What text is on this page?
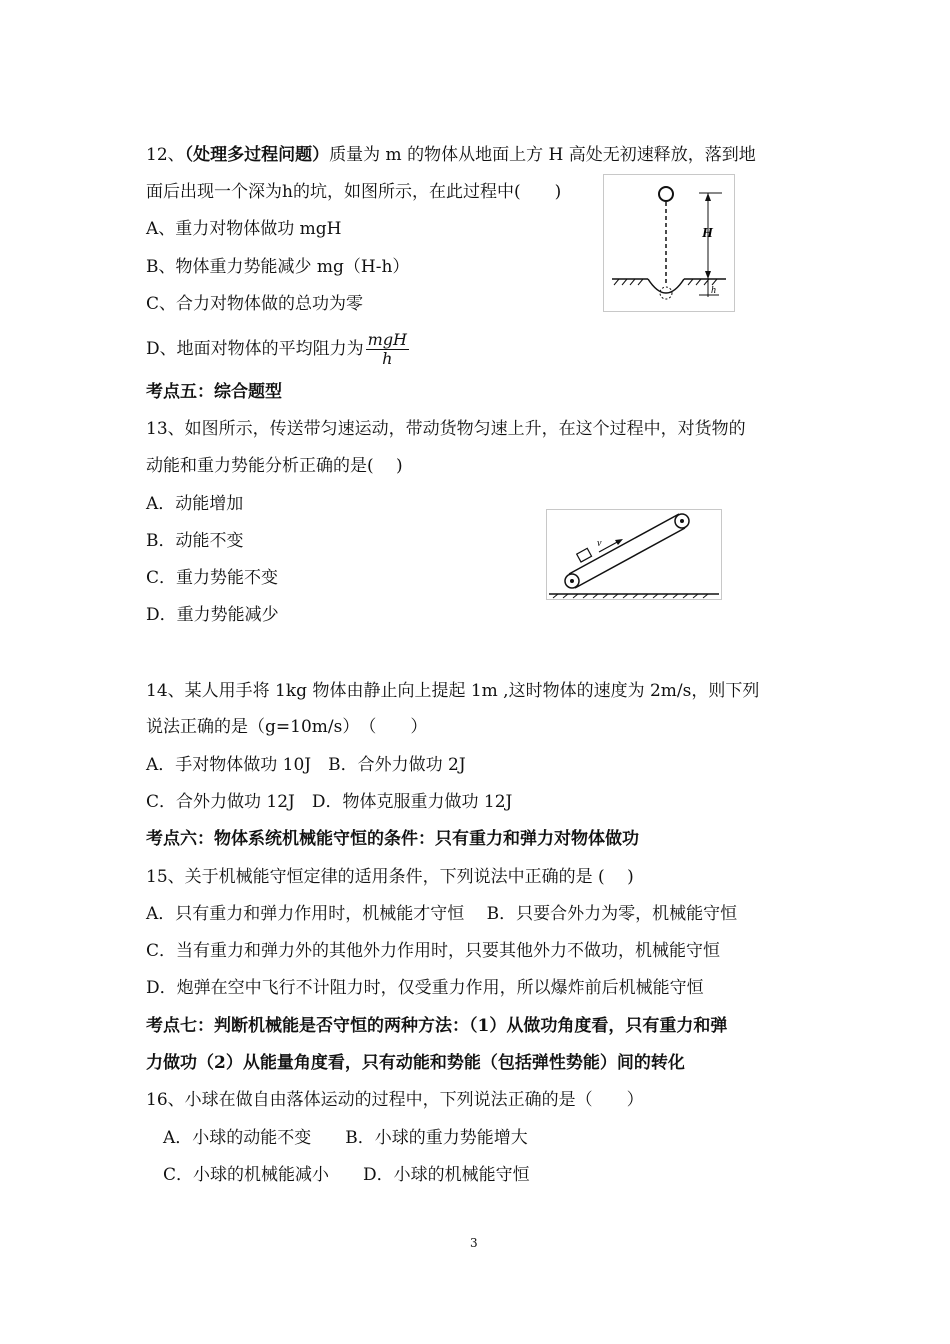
12、（处理多过程问题）质量为 m 的物体从地面上方 H 高处无初速释放，落到地
面后出现一个深为h的坑，如图所示，在此过程中(　　)
A、重力对物体做功 mgH
B、物体重力势能减少 mg（H-h）
C、合力对物体做的总功为零
D、地面对物体的平均阻力为 $\frac{\text{mgH}}{h}$
H
h
考点五：综合题型
13、如图所示，传送带匀速运动，带动货物匀速上升，在这个过程中，对货物的
动能和重力势能分析正确的是(　 )
A．动能增加
B．动能不变
C．重力势能不变
D．重力势能减少
v
14、某人用手将 1kg 物体由静止向上提起 1m ,这时物体的速度为 2m/s，则下列
说法正确的是（g=10m/s）　（　　）
A．手对物体做功 10J　B．合外力做功 2J
C．合外力做功 12J　D．物体克服重力做功 12J
考点六：物体系统机械能守恒的条件：只有重力和弹力对物体做功
15、关于机械能守恒定律的适用条件，下列说法中正确的是 (　 )
A．只有重力和弹力作用时，机械能才守恒　 B．只要合外力为零，机械能守恒
C．当有重力和弹力外的其他外力作用时，只要其他外力不做功，机械能守恒
D．炮弹在空中飞行不计阻力时，仅受重力作用，所以爆炸前后机械能守恒
考点七：判断机械能是否守恒的两种方法：（1）从做功角度看，只有重力和弹
力做功（2）从能量角度看，只有动能和势能（包括弹性势能）间的转化
16、小球在做自由落体运动的过程中，下列说法正确的是（　　）
A．小球的动能不变　　B．小球的重力势能增大
C．小球的机械能减小　　D．小球的机械能守恒
3
